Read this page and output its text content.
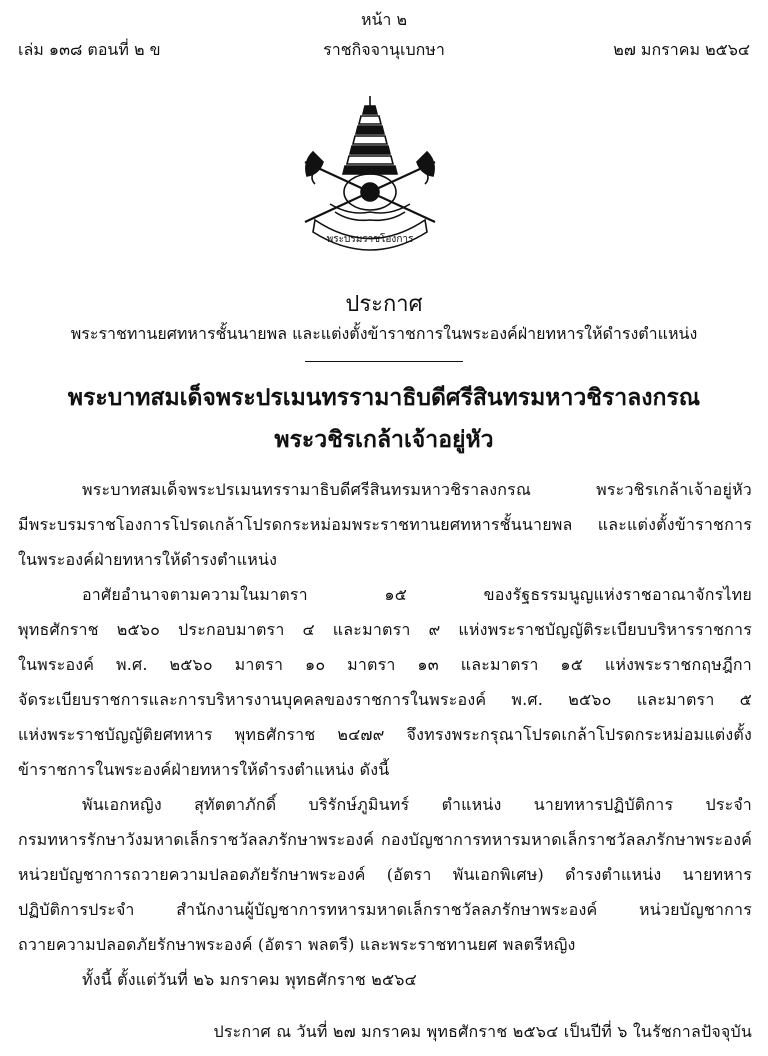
หน้า ๒
เล่ม ๑๓๘ ตอนที่ ๒ ข	ราชกิจจานุเบกษา	๒๗ มกราคม ๒๕๖๔
พระบรมราชโองการ
ประกาศ
พระราชทานยศทหารชั้นนายพล และแต่งตั้งข้าราชการในพระองค์ฝ่ายทหารให้ดำรงตำแหน่ง
พระบาทสมเด็จพระปรเมนทรรามาธิบดีศรีสินทรมหาวชิราลงกรณ
พระวชิรเกล้าเจ้าอยู่หัว
พระบาทสมเด็จพระปรเมนทรรามาธิบดีศรีสินทรมหาวชิราลงกรณ พระวชิรเกล้าเจ้าอยู่หัว
มีพระบรมราชโองการโปรดเกล้าโปรดกระหม่อมพระราชทานยศทหารชั้นนายพล และแต่งตั้งข้าราชการ
ในพระองค์ฝ่ายทหารให้ดำรงตำแหน่ง
อาศัยอำนาจตามความในมาตรา ๑๕ ของรัฐธรรมนูญแห่งราชอาณาจักรไทย
พุทธศักราช ๒๕๖๐ ประกอบมาตรา ๔ และมาตรา ๙ แห่งพระราชบัญญัติระเบียบบริหารราชการ
ในพระองค์ พ.ศ. ๒๕๖๐ มาตรา ๑๐ มาตรา ๑๓ และมาตรา ๑๕ แห่งพระราชกฤษฎีกา
จัดระเบียบราชการและการบริหารงานบุคคลของราชการในพระองค์ พ.ศ. ๒๕๖๐ และมาตรา ๕
แห่งพระราชบัญญัติยศทหาร พุทธศักราช ๒๔๗๙ จึงทรงพระกรุณาโปรดเกล้าโปรดกระหม่อมแต่งตั้ง
ข้าราชการในพระองค์ฝ่ายทหารให้ดำรงตำแหน่ง ดังนี้
พันเอกหญิง สุทัตตาภักดิ์ บริรักษ์ภูมินทร์ ตำแหน่ง นายทหารปฏิบัติการ ประจำ
กรมทหารรักษาวังมหาดเล็กราชวัลลภรักษาพระองค์ กองบัญชาการทหารมหาดเล็กราชวัลลภรักษาพระองค์
หน่วยบัญชาการถวายความปลอดภัยรักษาพระองค์ (อัตรา พันเอกพิเศษ) ดำรงตำแหน่ง นายทหาร
ปฏิบัติการประจำ สำนักงานผู้บัญชาการทหารมหาดเล็กราชวัลลภรักษาพระองค์ หน่วยบัญชาการ
ถวายความปลอดภัยรักษาพระองค์ (อัตรา พลตรี) และพระราชทานยศ พลตรีหญิง
ทั้งนี้ ตั้งแต่วันที่ ๒๖ มกราคม พุทธศักราช ๒๕๖๔
ประกาศ ณ วันที่ ๒๗ มกราคม พุทธศักราช ๒๕๖๔ เป็นปีที่ ๖ ในรัชกาลปัจจุบัน
